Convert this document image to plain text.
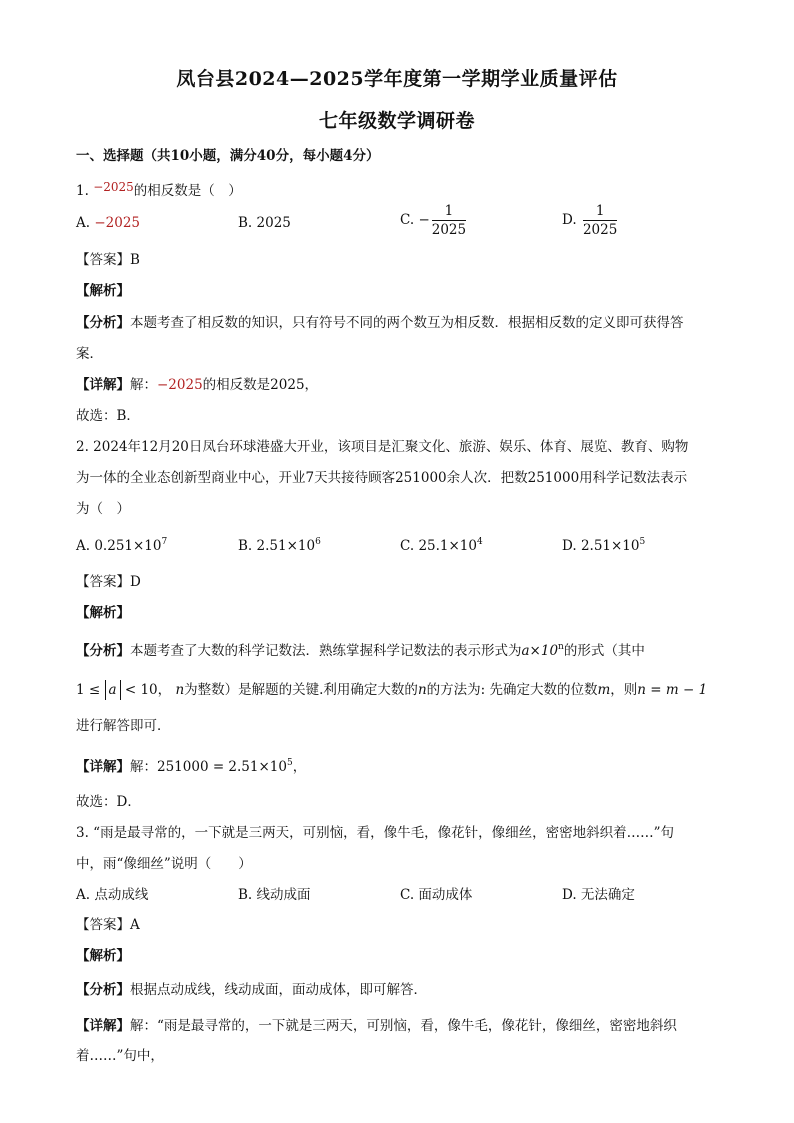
凤台县2024—2025学年度第一学期学业质量评估
七年级数学调研卷
一、选择题（共10小题，满分40分，每小题4分）
1. −2025的相反数是（　）
A. −2025	B. 2025	C. − $\frac{1}{2025}$	D. $\frac{1}{2025}$
【答案】B
【解析】
【分析】本题考查了相反数的知识，只有符号不同的两个数互为相反数．根据相反数的定义即可获得答
案．
【详解】解：−2025的相反数是2025，
故选：B．
2. 2024年12月20日凤台环球港盛大开业，该项目是汇聚文化、旅游、娱乐、体育、展览、教育、购物
为一体的全业态创新型商业中心，开业7天共接待顾客251000余人次．把数251000用科学记数法表示
为（　）
A. $0.251\times 10^7$	B. $2.51\times 10^6$	C. $25.1\times 10^4$	D. $2.51\times 10^5$
【答案】D
【解析】
【分析】本题考查了大数的科学记数法．熟练掌握科学记数法的表示形式为$a\times 10^n$的形式（其中
1 ≤ a < 10， n为整数）是解题的关键.利用确定大数的n的方法为: 先确定大数的位数m，则n = m − 1
进行解答即可．
【详解】解：$251000 = 2.51\times 10^5$，
故选：D．
3. “雨是最寻常的，一下就是三两天，可别恼，看，像牛毛，像花针，像细丝，密密地斜织着……”句
中，雨“像细丝”说明（　　）
A. 点动成线	B. 线动成面	C. 面动成体	D. 无法确定
【答案】A
【解析】
【分析】根据点动成线，线动成面，面动成体，即可解答．
【详解】解：“雨是最寻常的，一下就是三两天，可别恼，看，像牛毛，像花针，像细丝，密密地斜织
着……”句中，
